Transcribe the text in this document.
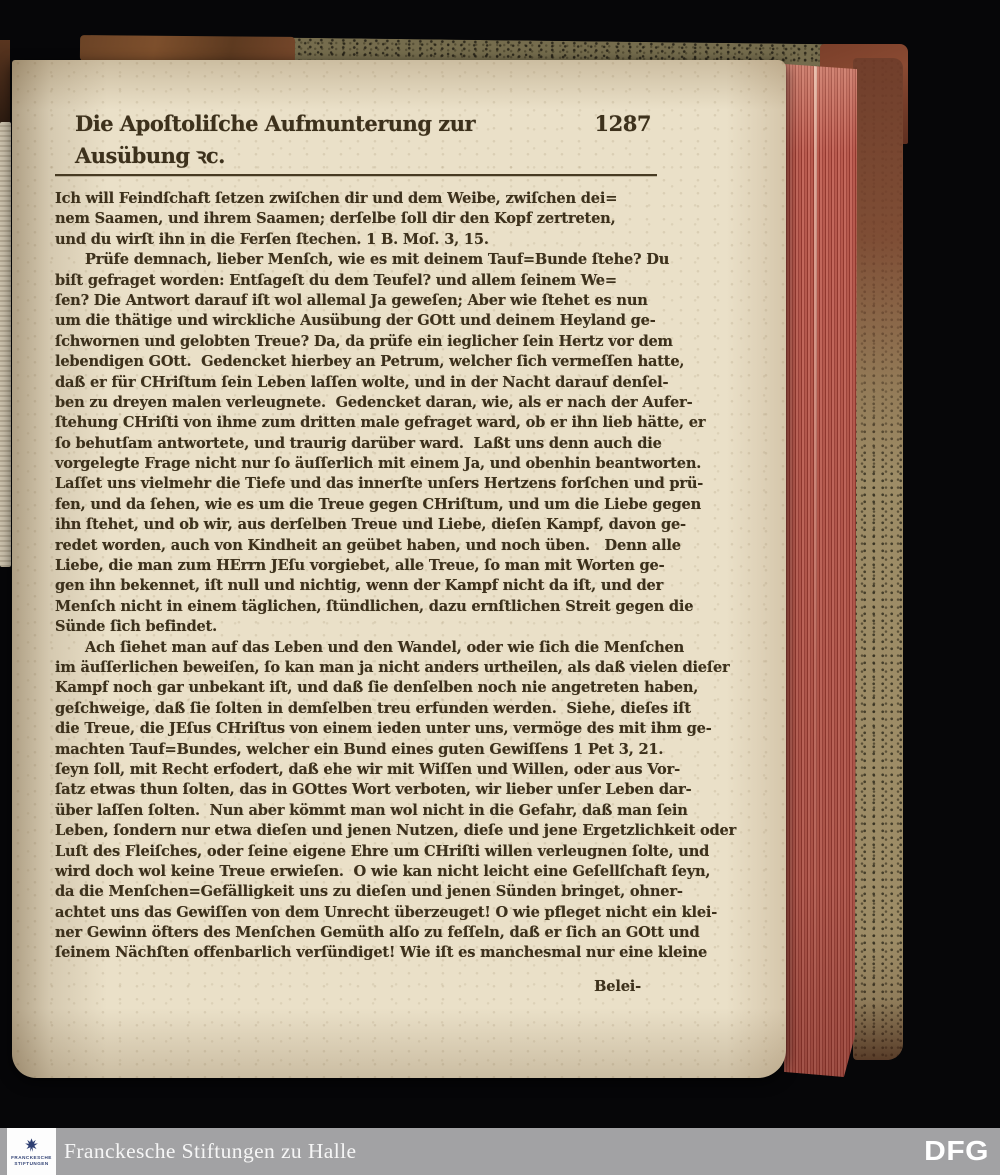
Die Apoſtoliſche Aufmunterung zur Ausübung ꝛc.
1287
Ich will Feindſchaft ſetzen zwiſchen dir und dem Weibe, zwiſchen dei=
nem Saamen, und ihrem Saamen; derſelbe ſoll dir den Kopf zertreten,
und du wirſt ihn in die Ferſen ſtechen. 1 B. Moſ. 3, 15.
Prüfe demnach, lieber Menſch, wie es mit deinem Tauf=Bunde ſtehe? Du
biſt gefraget worden: Entſageſt du dem Teufel? und allem ſeinem We=
ſen? Die Antwort darauf iſt wol allemal Ja geweſen; Aber wie ſtehet es nun
um die thätige und wirckliche Ausübung der GOtt und deinem Heyland ge-
ſchwornen und gelobten Treue? Da, da prüfe ein ieglicher ſein Hertz vor dem
lebendigen GOtt.  Gedencket hierbey an Petrum, welcher ſich vermeſſen hatte,
daß er für CHriſtum ſein Leben laſſen wolte, und in der Nacht darauf denſel-
ben zu dreyen malen verleugnete.  Gedencket daran, wie, als er nach der Aufer-
ſtehung CHriſti von ihme zum dritten male gefraget ward, ob er ihn lieb hätte, er
ſo behutſam antwortete, und traurig darüber ward.  Laßt uns denn auch die
vorgelegte Frage nicht nur ſo äuſſerlich mit einem Ja, und obenhin beantworten.
Laſſet uns vielmehr die Tiefe und das innerſte unſers Hertzens forſchen und prü-
fen, und da ſehen, wie es um die Treue gegen CHriſtum, und um die Liebe gegen
ihn ſtehet, und ob wir, aus derſelben Treue und Liebe, dieſen Kampf, davon ge-
redet worden, auch von Kindheit an geübet haben, und noch üben.   Denn alle
Liebe, die man zum HErrn JEſu vorgiebet, alle Treue, ſo man mit Worten ge-
gen ihn bekennet, iſt null und nichtig, wenn der Kampf nicht da iſt, und der
Menſch nicht in einem täglichen, ſtündlichen, dazu ernſtlichen Streit gegen die
Sünde ſich befindet.
Ach ſiehet man auf das Leben und den Wandel, oder wie ſich die Menſchen
im äuſſerlichen beweiſen, ſo kan man ja nicht anders urtheilen, als daß vielen dieſer
Kampf noch gar unbekant iſt, und daß ſie denſelben noch nie angetreten haben,
geſchweige, daß ſie ſolten in demſelben treu erfunden werden.  Siehe, dieſes iſt
die Treue, die JEſus CHriſtus von einem ieden unter uns, vermöge des mit ihm ge-
machten Tauf=Bundes, welcher ein Bund eines guten Gewiſſens 1 Pet 3, 21.
ſeyn ſoll, mit Recht erfodert, daß ehe wir mit Wiſſen und Willen, oder aus Vor-
ſatz etwas thun ſolten, das in GOttes Wort verboten, wir lieber unſer Leben dar-
über laſſen ſolten.  Nun aber kömmt man wol nicht in die Gefahr, daß man ſein
Leben, ſondern nur etwa dieſen und jenen Nutzen, dieſe und jene Ergetzlichkeit oder
Luſt des Fleiſches, oder ſeine eigene Ehre um CHriſti willen verleugnen ſolte, und
wird doch wol keine Treue erwieſen.  O wie kan nicht leicht eine Geſellſchaft ſeyn,
da die Menſchen=Gefälligkeit uns zu dieſen und jenen Sünden bringet, ohner-
achtet uns das Gewiſſen von dem Unrecht überzeuget! O wie pfleget nicht ein klei-
ner Gewinn öfters des Menſchen Gemüth alſo zu feſſeln, daß er ſich an GOtt und
ſeinem Nächſten offenbarlich verſündiget! Wie iſt es manchesmal nur eine kleine
Belei-
FRANCKESCHE
STIFTUNGEN
Franckesche Stiftungen zu Halle	DFG
